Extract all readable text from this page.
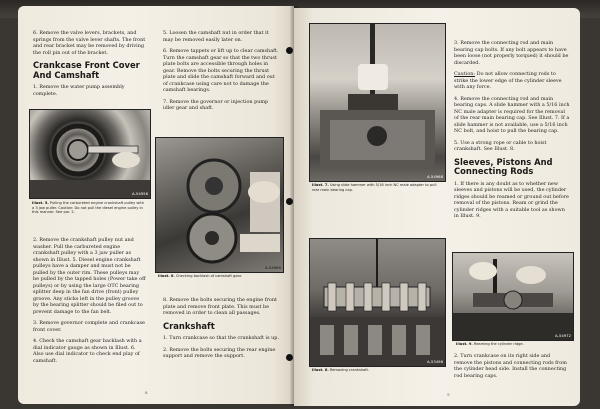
6. Remove the valve levers, brackets, and springs from the valve lever shafts. The front and rear bracket may be removed by driving the roll pin out of the bracket.

Crankcase Front Cover And Camshaft

1. Remove the water pump assembly complete.

A-54956
Illust. 5. Pulling the carbureted engine crankshaft pulley with a 3 jaw puller. Caution: Do not pull the diesel engine pulley in this manner. See par. 2.

2. Remove the crankshaft pulley nut and washer. Pull the carbureted engine crankshaft pulley with a 3 jaw puller as shown in Illust. 5. Diesel engine crankshaft pulleys have a damper and must not be pulled by the outer rim. These pulleys may be pulled by the tapped holes (Power take off pulleys) or by using the large OTC bearing splitter deep in the fan drive (front) pulley groove. Any sticks left in the pulley groove by the bearing splitter should be filed out to prevent damage to the fan belt.

3. Remove governor complete and crankcase front cover.

4. Check the camshaft gear backlash with a dial indicator gauge as shown in Illust. 6. Also use dial indicator to check end play of camshaft.

5. Loosen the camshaft nut in order that it may be removed easily later on.

6. Remove tappets or lift up to clear camshaft. Turn the camshaft gear so that the two thrust plate bolts are accessible through holes in gear. Remove the bolts securing the thrust plate and slide the camshaft forward and out of crankcase using care not to damage the camshaft bearings.

7. Remove the governor or injection pump idler gear and shaft.

A-54960
Illust. 6. Checking backlash of camshaft gear.

8. Remove the bolts securing the engine front plate and remove front plate. This must be removed in order to clean all passages.

Crankshaft

1. Turn crankcase so that the crankshaft is up.

2. Remove the bolts securing the rear engine support and remove the support.

8
A-54968
Illust. 7. Using slide hammer with 5/16 inch NC male adapter to pull rear main bearing cap.
A-53498
Illust. 8. Removing crankshaft.

3. Remove the connecting rod and main bearing cap bolts. If any bolt appears to have been loose (not properly torqued) it should be discarded.

Caution: Do not allow connecting rods to strike the lower edge of the cylinder sleeve with any force.

4. Remove the connecting rod and main bearing caps. A slide hammer with a 5/16 inch NC male adapter is required for the removal of the rear main bearing cap. See Illust. 7. If a slide hammer is not available, use a 5/16 inch NC bolt, and hoist to pull the bearing cap.

5. Use a strong rope or cable to hoist crankshaft. See Illust. 8.

Sleeves, Pistons And Connecting Rods

1. If there is any doubt as to whether new sleeves and pistons will be used, the cylinder ridges should be reamed or ground out before removal of the pistons. Ream or grind the cylinder ridges with a suitable tool as shown in Illust. 9.

A-54972
Illust. 9. Reaming the cylinder ridge.

2. Turn crankcase on its right side and remove the pistons and connecting rods from the cylinder head side. Install the connecting rod bearing caps.

9
